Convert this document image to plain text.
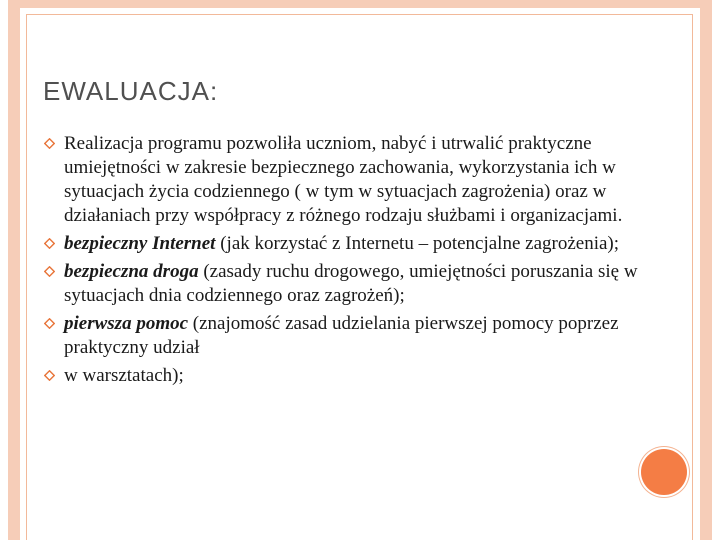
EWALUACJA:
Realizacja programu pozwoliła uczniom, nabyć i utrwalić praktyczne umiejętności w zakresie bezpiecznego zachowania, wykorzystania ich w sytuacjach życia codziennego ( w tym w sytuacjach zagrożenia) oraz w działaniach przy współpracy z różnego rodzaju służbami i organizacjami.
bezpieczny Internet (jak korzystać z Internetu – potencjalne zagrożenia);
bezpieczna droga (zasady ruchu drogowego, umiejętności poruszania się w sytuacjach dnia codziennego oraz zagrożeń);
pierwsza pomoc (znajomość zasad udzielania pierwszej pomocy poprzez praktyczny udział
w warsztatach);
